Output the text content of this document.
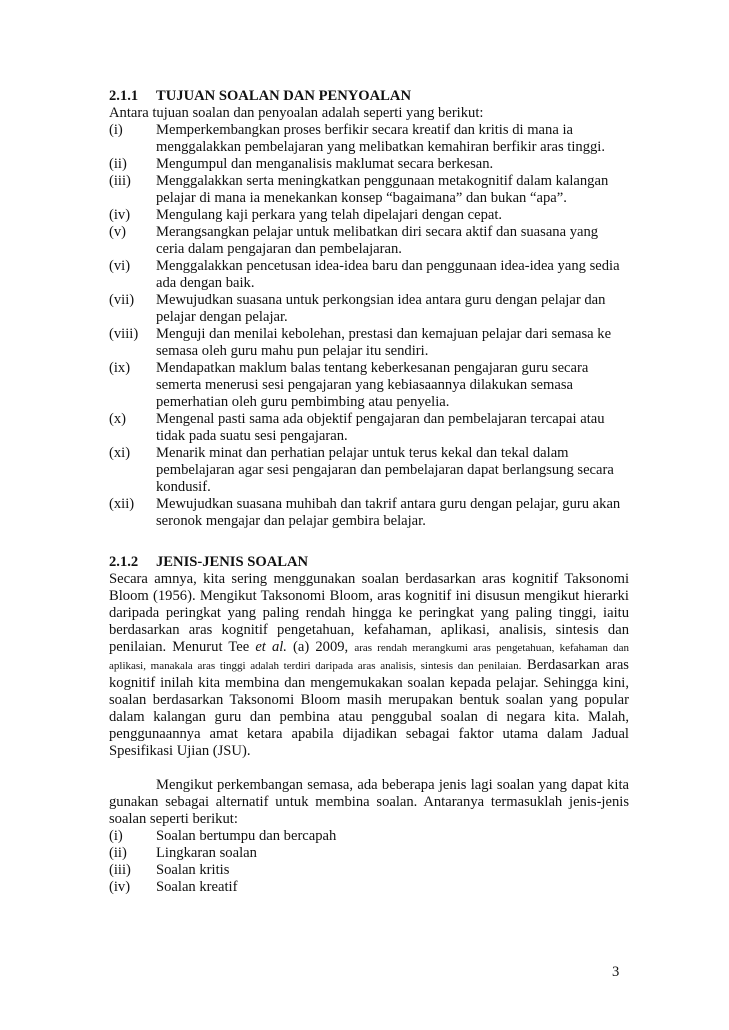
2.1.1 TUJUAN SOALAN DAN PENYOALAN

Antara tujuan soalan dan penyoalan adalah seperti yang berikut:

(i)	Memperkembangkan proses berfikir secara kreatif dan kritis di mana ia menggalakkan pembelajaran yang melibatkan kemahiran berfikir aras tinggi.
(ii)	Mengumpul dan menganalisis maklumat secara berkesan.
(iii)	Menggalakkan serta meningkatkan penggunaan metakognitif dalam kalangan pelajar di mana ia menekankan konsep “bagaimana” dan bukan “apa”.
(iv)	Mengulang kaji perkara yang telah dipelajari dengan cepat.
(v)	Merangsangkan pelajar untuk melibatkan diri secara aktif dan suasana yang ceria dalam pengajaran dan pembelajaran.
(vi)	Menggalakkan pencetusan idea-idea baru dan penggunaan idea-idea yang sedia ada dengan baik.
(vii)	Mewujudkan suasana untuk perkongsian idea antara guru dengan pelajar dan pelajar dengan pelajar.
(viii)	Menguji dan menilai kebolehan, prestasi dan kemajuan pelajar dari semasa ke semasa oleh guru mahu pun pelajar itu sendiri.
(ix)	Mendapatkan maklum balas tentang keberkesanan pengajaran guru secara semerta menerusi sesi pengajaran yang kebiasaannya dilakukan semasa pemerhatian oleh guru pembimbing atau penyelia.
(x)	Mengenal pasti sama ada objektif pengajaran dan pembelajaran tercapai atau tidak pada suatu sesi pengajaran.
(xi)	Menarik minat dan perhatian pelajar untuk terus kekal dan tekal dalam pembelajaran agar sesi pengajaran dan pembelajaran dapat berlangsung secara kondusif.
(xii)	Mewujudkan suasana muhibah dan takrif antara guru dengan pelajar, guru akan seronok mengajar dan pelajar gembira belajar.

2.1.2 JENIS-JENIS SOALAN

Secara amnya, kita sering menggunakan soalan berdasarkan aras kognitif Taksonomi Bloom (1956). Mengikut Taksonomi Bloom, aras kognitif ini disusun mengikut hierarki daripada peringkat yang paling rendah hingga ke peringkat yang paling tinggi, iaitu berdasarkan aras kognitif pengetahuan, kefahaman, aplikasi, analisis, sintesis dan penilaian. Menurut Tee et al. (a) 2009, aras rendah merangkumi aras pengetahuan, kefahaman dan aplikasi, manakala aras tinggi adalah terdiri daripada aras analisis, sintesis dan penilaian. Berdasarkan aras kognitif inilah kita membina dan mengemukakan soalan kepada pelajar. Sehingga kini, soalan berdasarkan Taksonomi Bloom masih merupakan bentuk soalan yang popular dalam kalangan guru dan pembina atau penggubal soalan di negara kita. Malah, penggunaannya amat ketara apabila dijadikan sebagai faktor utama dalam Jadual Spesifikasi Ujian (JSU).

Mengikut perkembangan semasa, ada beberapa jenis lagi soalan yang dapat kita gunakan sebagai alternatif untuk membina soalan. Antaranya termasuklah jenis-jenis soalan seperti berikut:

(i)	Soalan bertumpu dan bercapah
(ii)	Lingkaran soalan
(iii)	Soalan kritis
(iv)	Soalan kreatif
3
